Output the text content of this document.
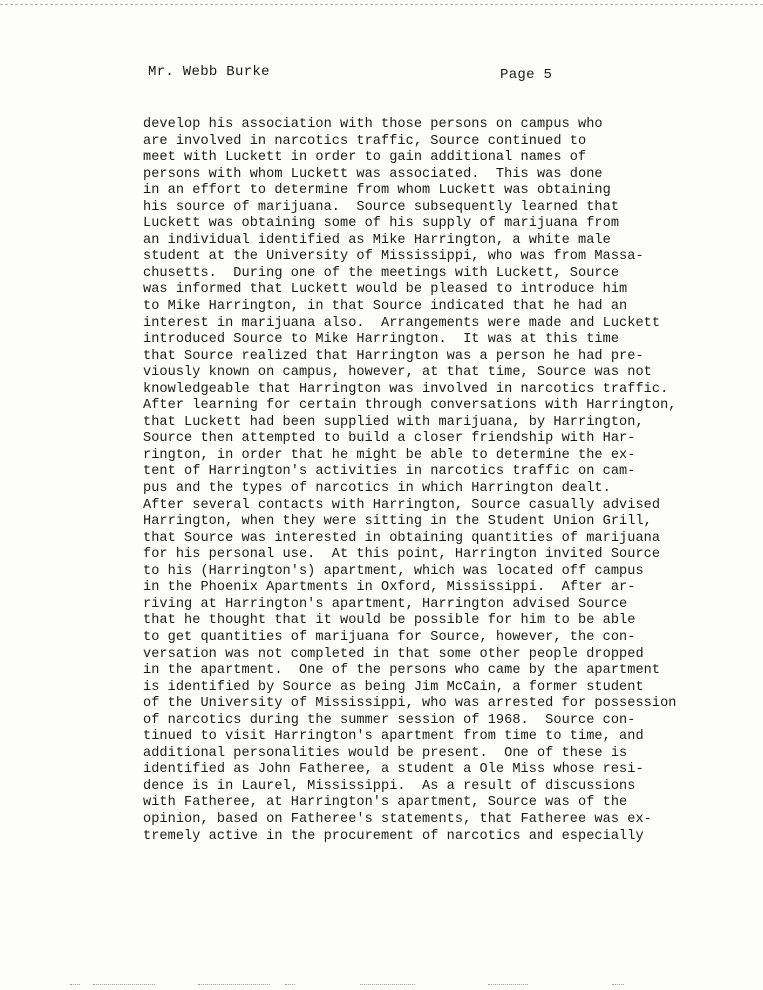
Mr. Webb Burke	Page 5
develop his association with those persons on campus who
are involved in narcotics traffic, Source continued to
meet with Luckett in order to gain additional names of
persons with whom Luckett was associated.  This was done
in an effort to determine from whom Luckett was obtaining
his source of marijuana.  Source subsequently learned that
Luckett was obtaining some of his supply of marijuana from
an individual identified as Mike Harrington, a white male
student at the University of Mississippi, who was from Massa-
chusetts.  During one of the meetings with Luckett, Source
was informed that Luckett would be pleased to introduce him
to Mike Harrington, in that Source indicated that he had an
interest in marijuana also.  Arrangements were made and Luckett
introduced Source to Mike Harrington.  It was at this time
that Source realized that Harrington was a person he had pre-
viously known on campus, however, at that time, Source was not
knowledgeable that Harrington was involved in narcotics traffic.
After learning for certain through conversations with Harrington,
that Luckett had been supplied with marijuana, by Harrington,
Source then attempted to build a closer friendship with Har-
rington, in order that he might be able to determine the ex-
tent of Harrington's activities in narcotics traffic on cam-
pus and the types of narcotics in which Harrington dealt.
After several contacts with Harrington, Source casually advised
Harrington, when they were sitting in the Student Union Grill,
that Source was interested in obtaining quantities of marijuana
for his personal use.  At this point, Harrington invited Source
to his (Harrington's) apartment, which was located off campus
in the Phoenix Apartments in Oxford, Mississippi.  After ar-
riving at Harrington's apartment, Harrington advised Source
that he thought that it would be possible for him to be able
to get quantities of marijuana for Source, however, the con-
versation was not completed in that some other people dropped
in the apartment.  One of the persons who came by the apartment
is identified by Source as being Jim McCain, a former student
of the University of Mississippi, who was arrested for possession
of narcotics during the summer session of 1968.  Source con-
tinued to visit Harrington's apartment from time to time, and
additional personalities would be present.  One of these is
identified as John Fatheree, a student a Ole Miss whose resi-
dence is in Laurel, Mississippi.  As a result of discussions
with Fatheree, at Harrington's apartment, Source was of the
opinion, based on Fatheree's statements, that Fatheree was ex-
tremely active in the procurement of narcotics and especially
